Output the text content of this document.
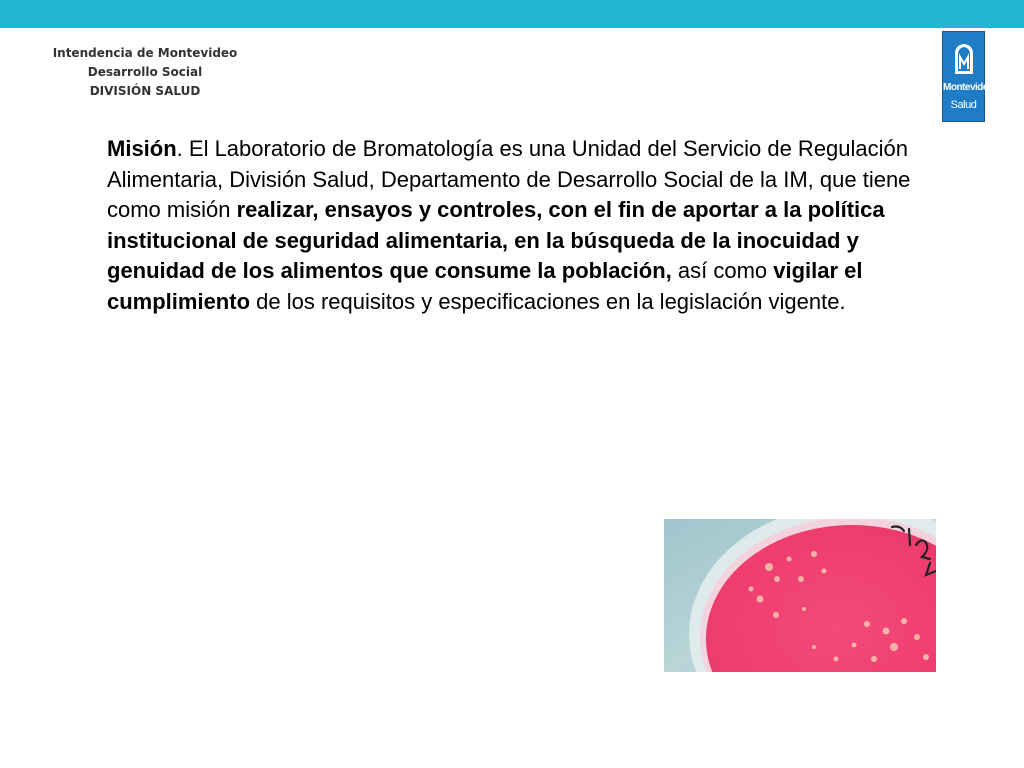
Intendencia de Montevideo
Desarrollo Social
DIVISIÓN SALUD	Montevideo
Salud
Misión. El Laboratorio de Bromatología es una Unidad del Servicio de Regulación Alimentaria, División Salud, Departamento de Desarrollo Social de la IM, que tiene como misión realizar, ensayos y controles, con el fin de aportar a la política institucional de seguridad alimentaria, en la búsqueda de la inocuidad y genuidad de los alimentos que consume la población, así como vigilar el cumplimiento de los requisitos y especificaciones en la legislación vigente.
